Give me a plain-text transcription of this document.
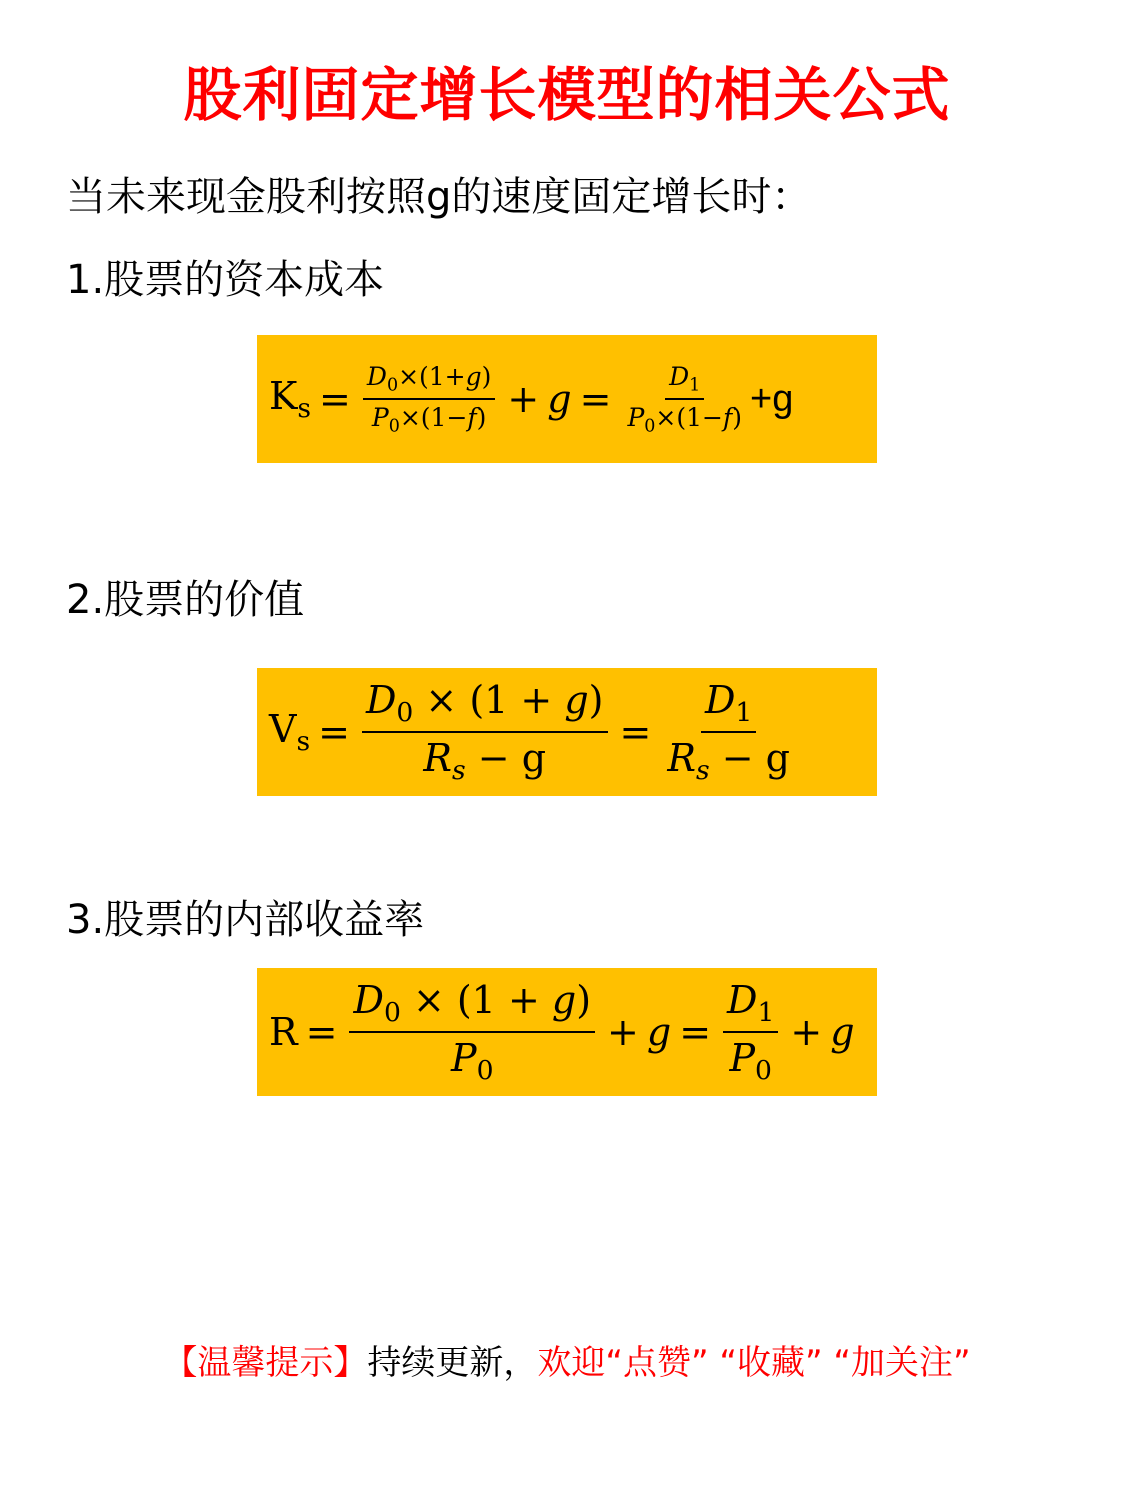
股利固定增长模型的相关公式
当未来现金股利按照g的速度固定增长时：
1.股票的资本成本
$K_s = \frac{D_0\times(1+g)}{P_0\times(1-f)} + g = \frac{D_1}{P_0\times(1-f)} +g$
2.股票的价值
$V_s = \frac{D_0 \times (1 + g)}{R_s - g} = \frac{D_1}{R_s - g}$
3.股票的内部收益率
$R = \frac{D_0 \times (1 + g)}{P_0} + g = \frac{D_1}{P_0} + g$
【温馨提示】持续更新，欢迎“点赞” “收藏” “加关注”
